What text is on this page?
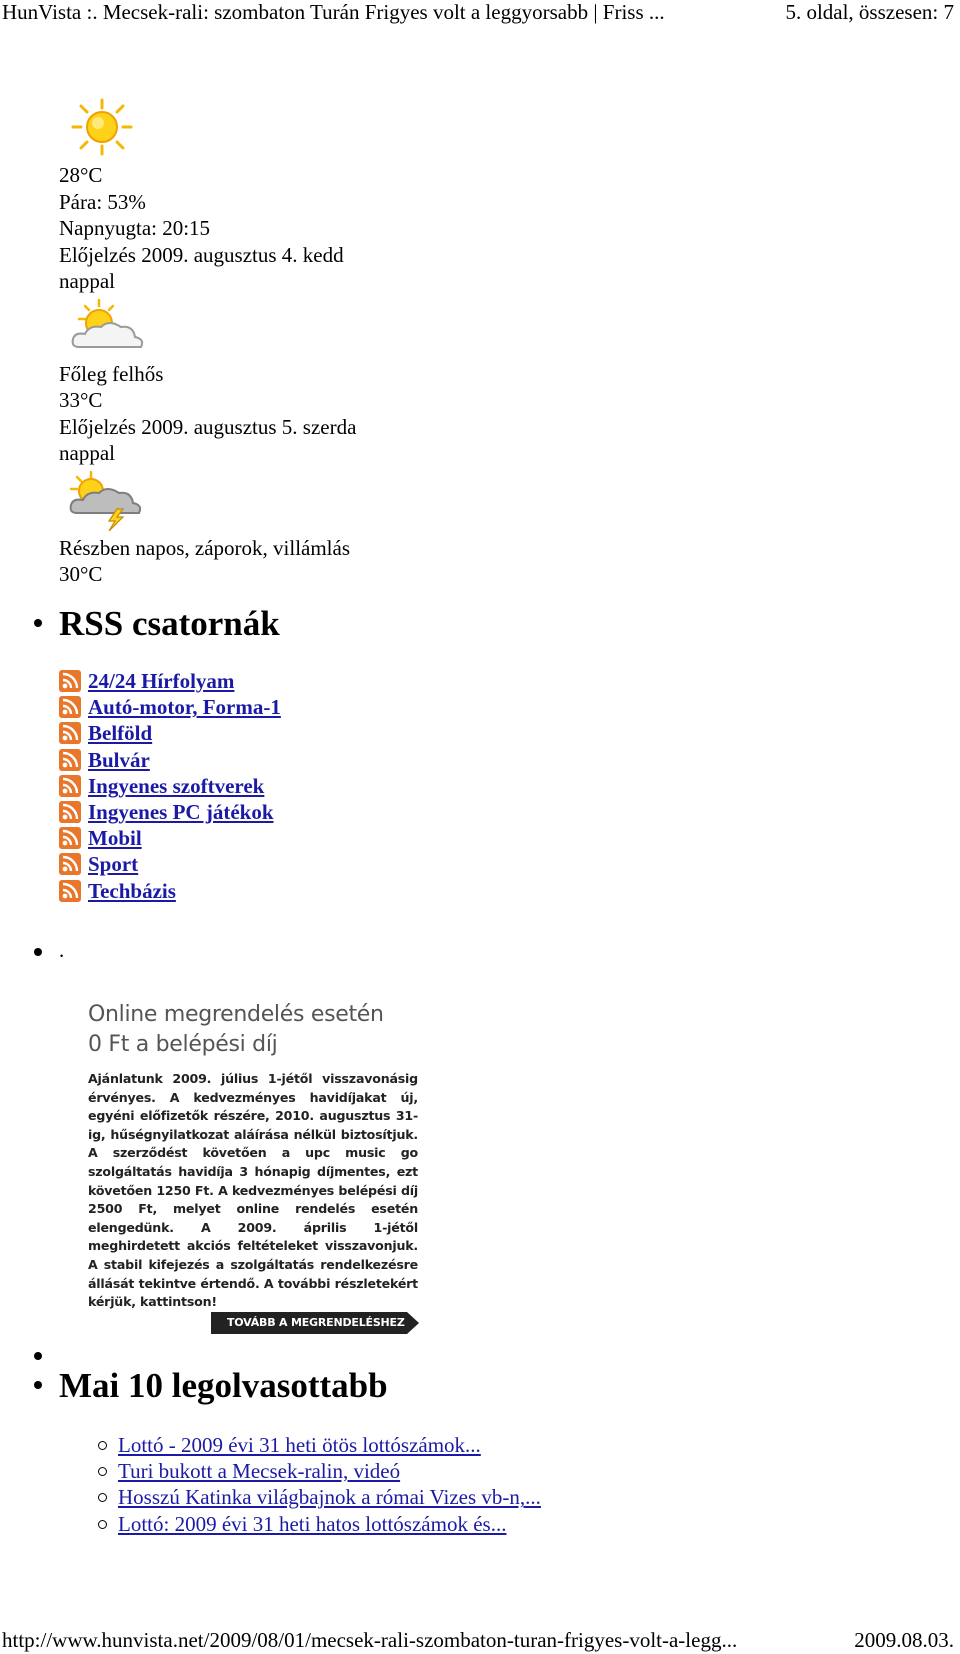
HunVista :. Mecsek-rali: szombaton Turán Frigyes volt a leggyorsabb | Friss ...	5. oldal, összesen: 7
28°C
Pára: 53%
Napnyugta: 20:15
Előjelzés 2009. augusztus 4. kedd
nappal
Főleg felhős
33°C
Előjelzés 2009. augusztus 5. szerda
nappal
Részben napos, záporok, villámlás
30°C
RSS csatornák
24/24 Hírfolyam
Autó-motor, Forma-1
Belföld
Bulvár
Ingyenes szoftverek
Ingyenes PC játékok
Mobil
Sport
Techbázis
.
Online megrendelés esetén
0 Ft a belépési díj
Ajánlatunk 2009. július 1-jétől visszavonásig érvényes. A kedvezményes havidíjakat új, egyéni előfizetők részére, 2010. augusztus 31-ig, hűségnyilatkozat aláírása nélkül biztosítjuk. A szerződést követően a upc music go szolgáltatás havidíja 3 hónapig díjmentes, ezt követően 1250 Ft. A kedvezményes belépési díj 2500 Ft, melyet online rendelés esetén elengedünk. A 2009. április 1-jétől meghirdetett akciós feltételeket visszavonjuk. A stabil kifejezés a szolgáltatás rendelkezésre állását tekintve értendő. A további részletekért kérjük, kattintson!
TOVÁBB A MEGRENDELÉSHEZ
Mai 10 legolvasottabb
Lottó - 2009 évi 31 heti ötös lottószámok...
Turi bukott a Mecsek-ralin, videó
Hosszú Katinka világbajnok a római Vizes vb-n,...
Lottó: 2009 évi 31 heti hatos lottószámok és...
http://www.hunvista.net/2009/08/01/mecsek-rali-szombaton-turan-frigyes-volt-a-legg...	2009.08.03.
